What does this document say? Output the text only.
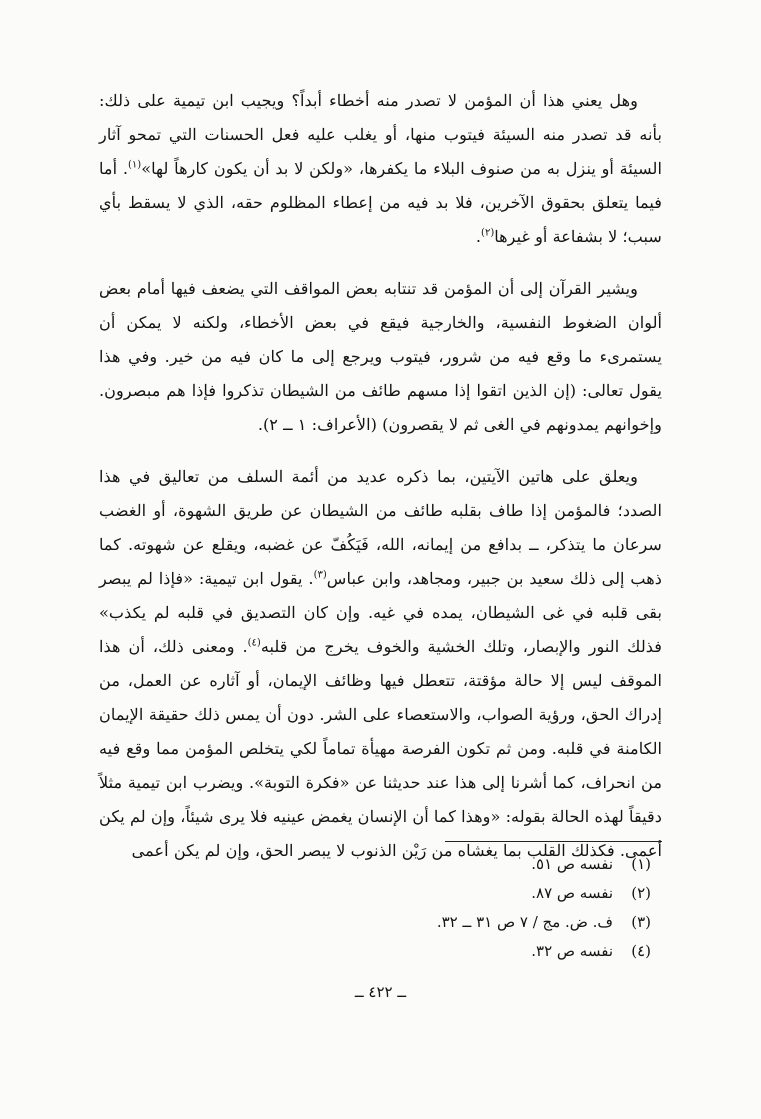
وهل يعني هذا أن المؤمن لا تصدر منه أخطاء أبداً؟ ويجيب ابن تيمية على ذلك: بأنه قد تصدر منه السيئة فيتوب منها، أو يغلب عليه فعل الحسنات التي تمحو آثار السيئة أو ينزل به من صنوف البلاء ما يكفرها، «ولكن لا بد أن يكون كارهاً لها»$^{(١)}$. أما فيما يتعلق بحقوق الآخرين، فلا بد فيه من إعطاء المظلوم حقه، الذي لا يسقط بأي سبب؛ لا بشفاعة أو غيرها$^{(٢)}$.

ويشير القرآن إلى أن المؤمن قد تنتابه بعض المواقف التي يضعف فيها أمام بعض ألوان الضغوط النفسية، والخارجية فيقع في بعض الأخطاء، ولكنه لا يمكن أن يستمرىء ما وقع فيه من شرور، فيتوب ويرجع إلى ما كان فيه من خير. وفي هذا يقول تعالى: (إن الذين اتقوا إذا مسهم طائف من الشيطان تذكروا فإذا هم مبصرون. وإخوانهم يمدونهم في الغى ثم لا يقصرون) (الأعراف: ١ ــ ٢).

ويعلق على هاتين الآيتين، بما ذكره عديد من أئمة السلف من تعاليق في هذا الصدد؛ فالمؤمن إذا طاف بقلبه طائف من الشيطان عن طريق الشهوة، أو الغضب سرعان ما يتذكر، ــ بدافع من إيمانه، الله، فَيَكُفّ عن غضبه، ويقلع عن شهوته. كما ذهب إلى ذلك سعيد بن جبير، ومجاهد، وابن عباس$^{(٣)}$. يقول ابن تيمية: «فإذا لم يبصر بقى قلبه في غى الشيطان، يمده في غيه. وإن كان التصديق في قلبه لم يكذب» فذلك النور والإبصار، وتلك الخشية والخوف يخرج من قلبه$^{(٤)}$. ومعنى ذلك، أن هذا الموقف ليس إلا حالة مؤقتة، تتعطل فيها وظائف الإيمان، أو آثاره عن العمل، من إدراك الحق، ورؤية الصواب، والاستعصاء على الشر. دون أن يمس ذلك حقيقة الإيمان الكامنة في قلبه. ومن ثم تكون الفرصة مهيأة تماماً لكي يتخلص المؤمن مما وقع فيه من انحراف، كما أشرنا إلى هذا عند حديثنا عن «فكرة التوبة». ويضرب ابن تيمية مثلاً دقيقاً لهذه الحالة بقوله: «وهذا كما أن الإنسان يغمض عينيه فلا يرى شيئاً، وإن لم يكن أعمى. فكذلك القلب بما يغشاه من رَيْن الذنوب لا يبصر الحق، وإن لم يكن أعمى

(١)نفسه ص ٥١.
(٢)نفسه ص ٨٧.
(٣)ف. ض. مج / ٧ ص ٣١ ــ ٣٢.
(٤)نفسه ص ٣٢.
ــ ٤٢٢ ــ
